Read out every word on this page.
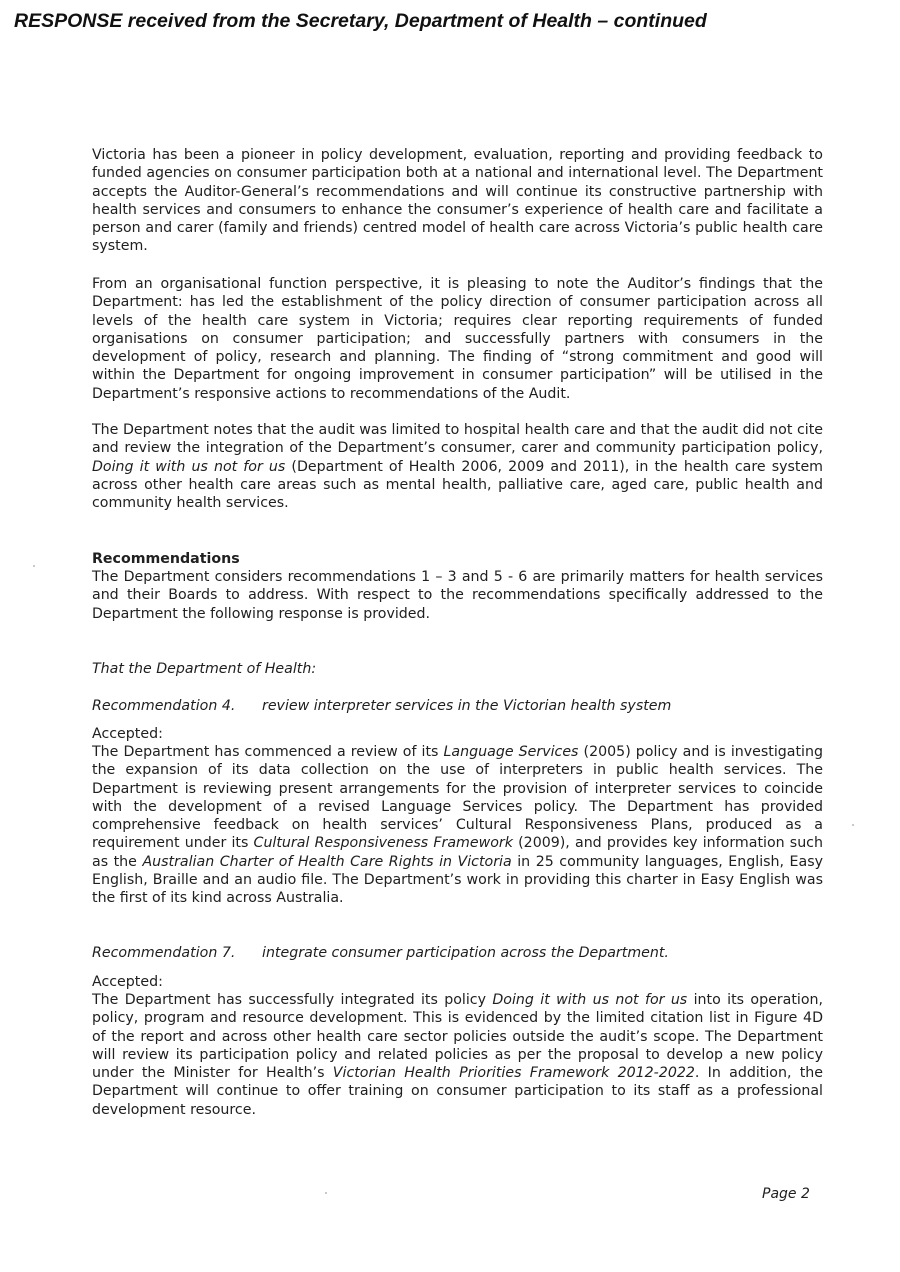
RESPONSE received from the Secretary, Department of Health – continued

Victoria has been a pioneer in policy development, evaluation, reporting and providing feedback to funded agencies on consumer participation both at a national and international level. The Department accepts the Auditor-General’s recommendations and will continue its constructive partnership with health services and consumers to enhance the consumer’s experience of health care and facilitate a person and carer (family and friends) centred model of health care across Victoria’s public health care system.

From an organisational function perspective, it is pleasing to note the Auditor’s findings that the Department: has led the establishment of the policy direction of consumer participation across all levels of the health care system in Victoria; requires clear reporting requirements of funded organisations on consumer participation; and successfully partners with consumers in the development of policy, research and planning. The finding of “strong commitment and good will within the Department for ongoing improvement in consumer participation” will be utilised in the Department’s responsive actions to recommendations of the Audit.

The Department notes that the audit was limited to hospital health care and that the audit did not cite and review the integration of the Department’s consumer, carer and community participation policy, Doing it with us not for us (Department of Health 2006, 2009 and 2011), in the health care system across other health care areas such as mental health, palliative care, aged care, public health and community health services.

Recommendations

The Department considers recommendations 1 – 3 and 5 - 6 are primarily matters for health services and their Boards to address. With respect to the recommendations specifically addressed to the Department the following response is provided.

That the Department of Health:

Recommendation 4. review interpreter services in the Victorian health system

Accepted:

The Department has commenced a review of its Language Services (2005) policy and is investigating the expansion of its data collection on the use of interpreters in public health services. The Department is reviewing present arrangements for the provision of interpreter services to coincide with the development of a revised Language Services policy. The Department has provided comprehensive feedback on health services’ Cultural Responsiveness Plans, produced as a requirement under its Cultural Responsiveness Framework (2009), and provides key information such as the Australian Charter of Health Care Rights in Victoria in 25 community languages, English, Easy English, Braille and an audio file. The Department’s work in providing this charter in Easy English was the first of its kind across Australia.

Recommendation 7. integrate consumer participation across the Department.

Accepted:

The Department has successfully integrated its policy Doing it with us not for us into its operation, policy, program and resource development. This is evidenced by the limited citation list in Figure 4D of the report and across other health care sector policies outside the audit’s scope. The Department will review its participation policy and related policies as per the proposal to develop a new policy under the Minister for Health’s Victorian Health Priorities Framework 2012-2022. In addition, the Department will continue to offer training on consumer participation to its staff as a professional development resource.

Page 2
